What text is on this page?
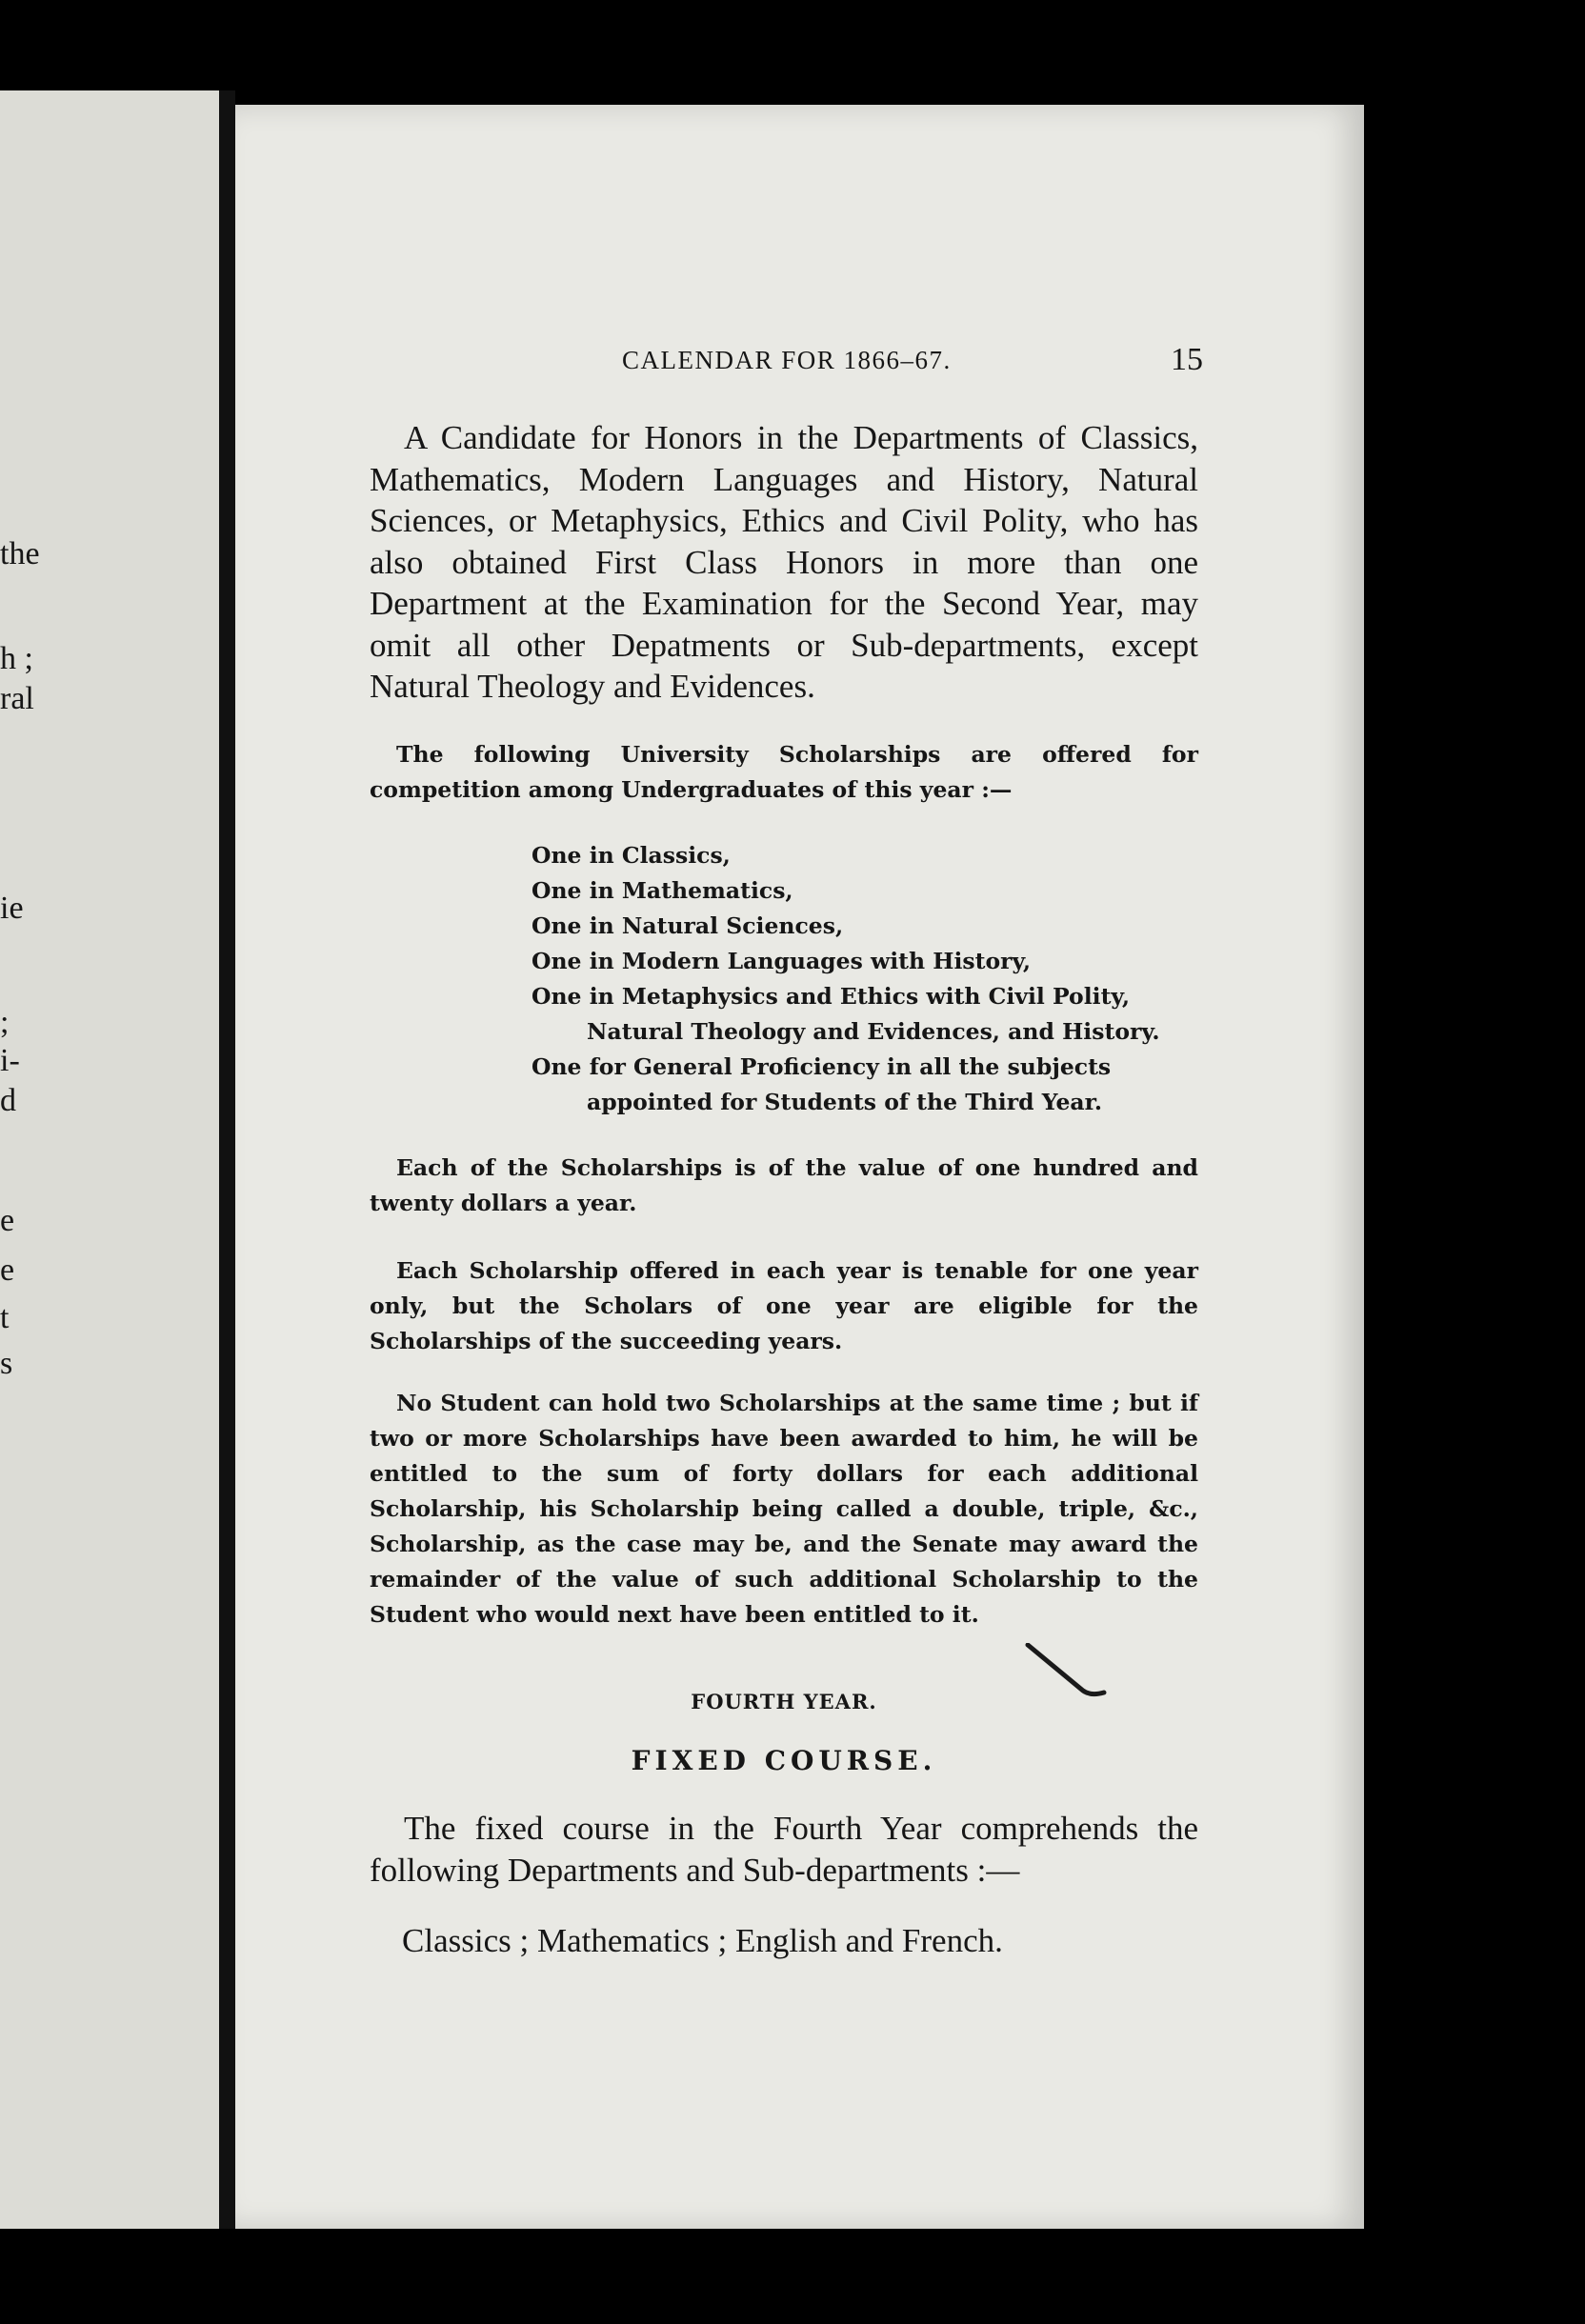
the
h ;
ral
ie
;
i-
d
e
e
t
s
CALENDAR FOR 1866–67.	15

A Candidate for Honors in the Departments of Classics, Mathematics, Modern Languages and History, Natural Sciences, or Metaphysics, Ethics and Civil Polity, who has also obtained First Class Honors in more than one Department at the Examination for the Second Year, may omit all other Depatments or Sub-departments, except Natural Theology and Evidences.

The following University Scholarships are offered for competition among Undergraduates of this year :—

One in Classics,
One in Mathematics,
One in Natural Sciences,
One in Modern Languages with History,
One in Metaphysics and Ethics with Civil Polity, Natural Theology and Evidences, and History.
One for General Proficiency in all the subjects appointed for Students of the Third Year.

Each of the Scholarships is of the value of one hundred and twenty dollars a year.

Each Scholarship offered in each year is tenable for one year only, but the Scholars of one year are eligible for the Scholarships of the succeeding years.

No Student can hold two Scholarships at the same time ; but if two or more Scholarships have been awarded to him, he will be entitled to the sum of forty dollars for each additional Scholarship, his Scholarship being called a double, triple, &c., Scholarship, as the case may be, and the Senate may award the remainder of the value of such additional Scholarship to the Student who would next have been entitled to it.

FOURTH YEAR.
FIXED COURSE.

The fixed course in the Fourth Year comprehends the following Departments and Sub-departments :—

Classics ; Mathematics ; English and French.
